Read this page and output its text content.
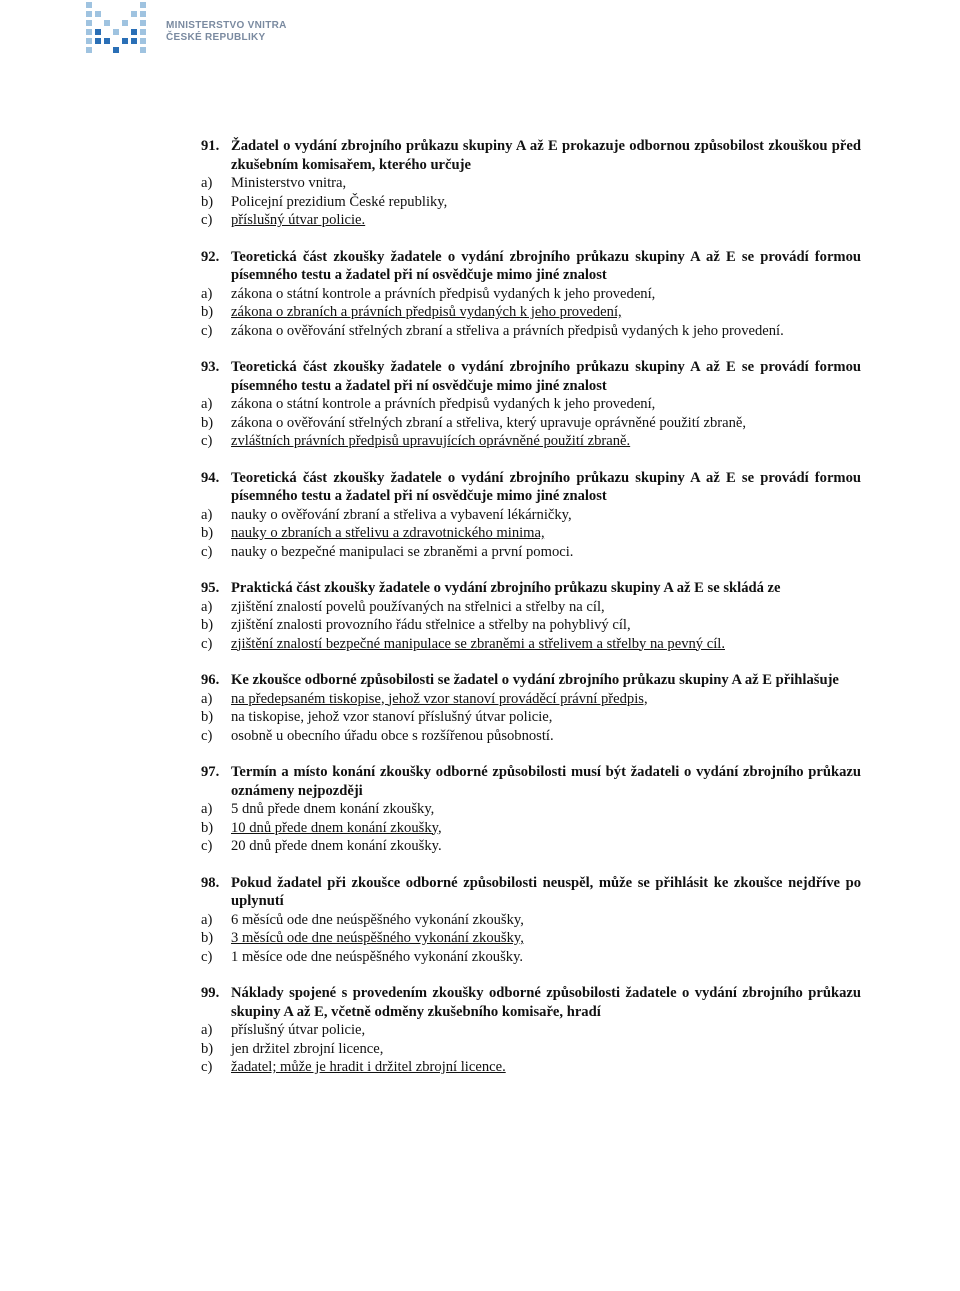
MINISTERSTVO VNITRA
ČESKÉ REPUBLIKY
91. Žadatel o vydání zbrojního průkazu skupiny A až E prokazuje odbornou způsobilost zkouškou před zkušebním komisařem, kterého určuje
a)	Ministerstvo vnitra,
b)	Policejní prezidium České republiky,
c)	příslušný útvar policie.
92. Teoretická část zkoušky žadatele o vydání zbrojního průkazu skupiny A až E se provádí formou písemného testu a žadatel při ní osvědčuje mimo jiné znalost
a)	zákona o státní kontrole a právních předpisů vydaných k jeho provedení,
b)	zákona o zbraních a právních předpisů vydaných k jeho provedení,
c)	zákona o ověřování střelných zbraní a střeliva a právních předpisů vydaných k jeho provedení.
93. Teoretická část zkoušky žadatele o vydání zbrojního průkazu skupiny A až E se provádí formou písemného testu a žadatel při ní osvědčuje mimo jiné znalost
a)	zákona o státní kontrole a právních předpisů vydaných k jeho provedení,
b)	zákona o ověřování střelných zbraní a střeliva, který upravuje oprávněné použití zbraně,
c)	zvláštních právních předpisů upravujících oprávněné použití zbraně.
94. Teoretická část zkoušky žadatele o vydání zbrojního průkazu skupiny A až E se provádí formou písemného testu a žadatel při ní osvědčuje mimo jiné znalost
a)	nauky o ověřování zbraní a střeliva a vybavení lékárničky,
b)	nauky o zbraních a střelivu a zdravotnického minima,
c)	nauky o bezpečné manipulaci se zbraněmi a první pomoci.
95. Praktická část zkoušky žadatele o vydání zbrojního průkazu skupiny A až E se skládá ze
a)	zjištění znalostí povelů používaných na střelnici a střelby na cíl,
b)	zjištění znalosti provozního řádu střelnice a střelby na pohyblivý cíl,
c)	zjištění znalostí bezpečné manipulace se zbraněmi a střelivem a střelby na pevný cíl.
96. Ke zkoušce odborné způsobilosti se žadatel o vydání zbrojního průkazu skupiny A až E přihlašuje
a)	na předepsaném tiskopise, jehož vzor stanoví prováděcí právní předpis,
b)	na tiskopise, jehož vzor stanoví příslušný útvar policie,
c)	osobně u obecního úřadu obce s rozšířenou působností.
97. Termín a místo konání zkoušky odborné způsobilosti musí být žadateli o vydání zbrojního průkazu oznámeny nejpozději
a)	5 dnů přede dnem konání zkoušky,
b)	10 dnů přede dnem konání zkoušky,
c)	20 dnů přede dnem konání zkoušky.
98. Pokud žadatel při zkoušce odborné způsobilosti neuspěl, může se přihlásit ke zkoušce nejdříve po uplynutí
a)	6 měsíců ode dne neúspěšného vykonání zkoušky,
b)	3 měsíců ode dne neúspěšného vykonání zkoušky,
c)	1 měsíce ode dne neúspěšného vykonání zkoušky.
99. Náklady spojené s provedením zkoušky odborné způsobilosti žadatele o vydání zbrojního průkazu skupiny A až E, včetně odměny zkušebního komisaře, hradí
a)	příslušný útvar policie,
b)	jen držitel zbrojní licence,
c)	žadatel; může je hradit i držitel zbrojní licence.
